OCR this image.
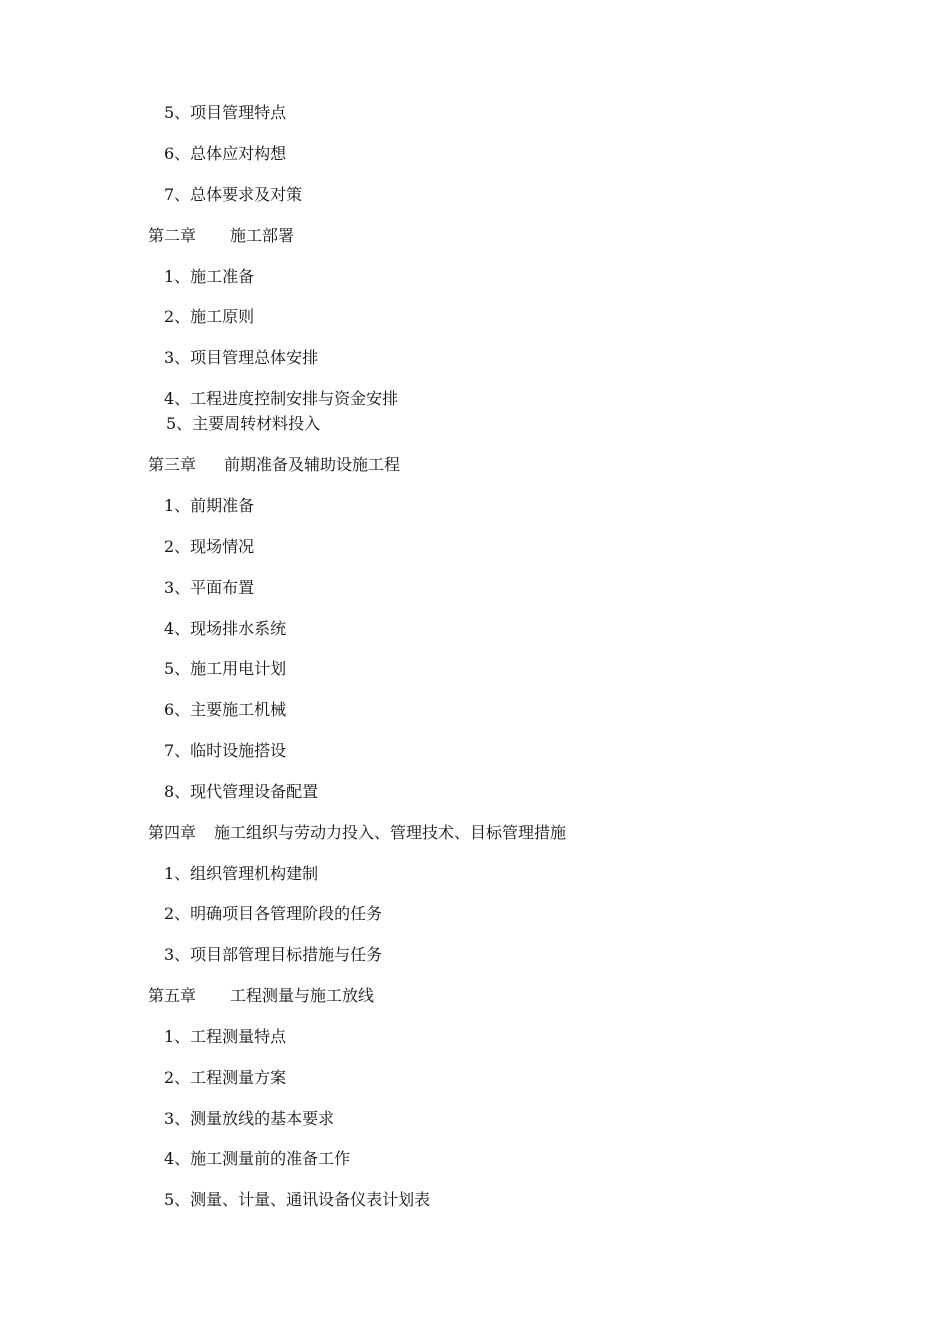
5、项目管理特点
6、总体应对构想
7、总体要求及对策
第二章 施工部署
1、施工准备
2、施工原则
3、项目管理总体安排
4、工程进度控制安排与资金安排
5、主要周转材料投入
第三章 前期准备及辅助设施工程
1、前期准备
2、现场情况
3、平面布置
4、现场排水系统
5、施工用电计划
6、主要施工机械
7、临时设施搭设
8、现代管理设备配置
第四章 施工组织与劳动力投入、管理技术、目标管理措施
1、组织管理机构建制
2、明确项目各管理阶段的任务
3、项目部管理目标措施与任务
第五章 工程测量与施工放线
1、工程测量特点
2、工程测量方案
3、测量放线的基本要求
4、施工测量前的准备工作
5、测量、计量、通讯设备仪表计划表
